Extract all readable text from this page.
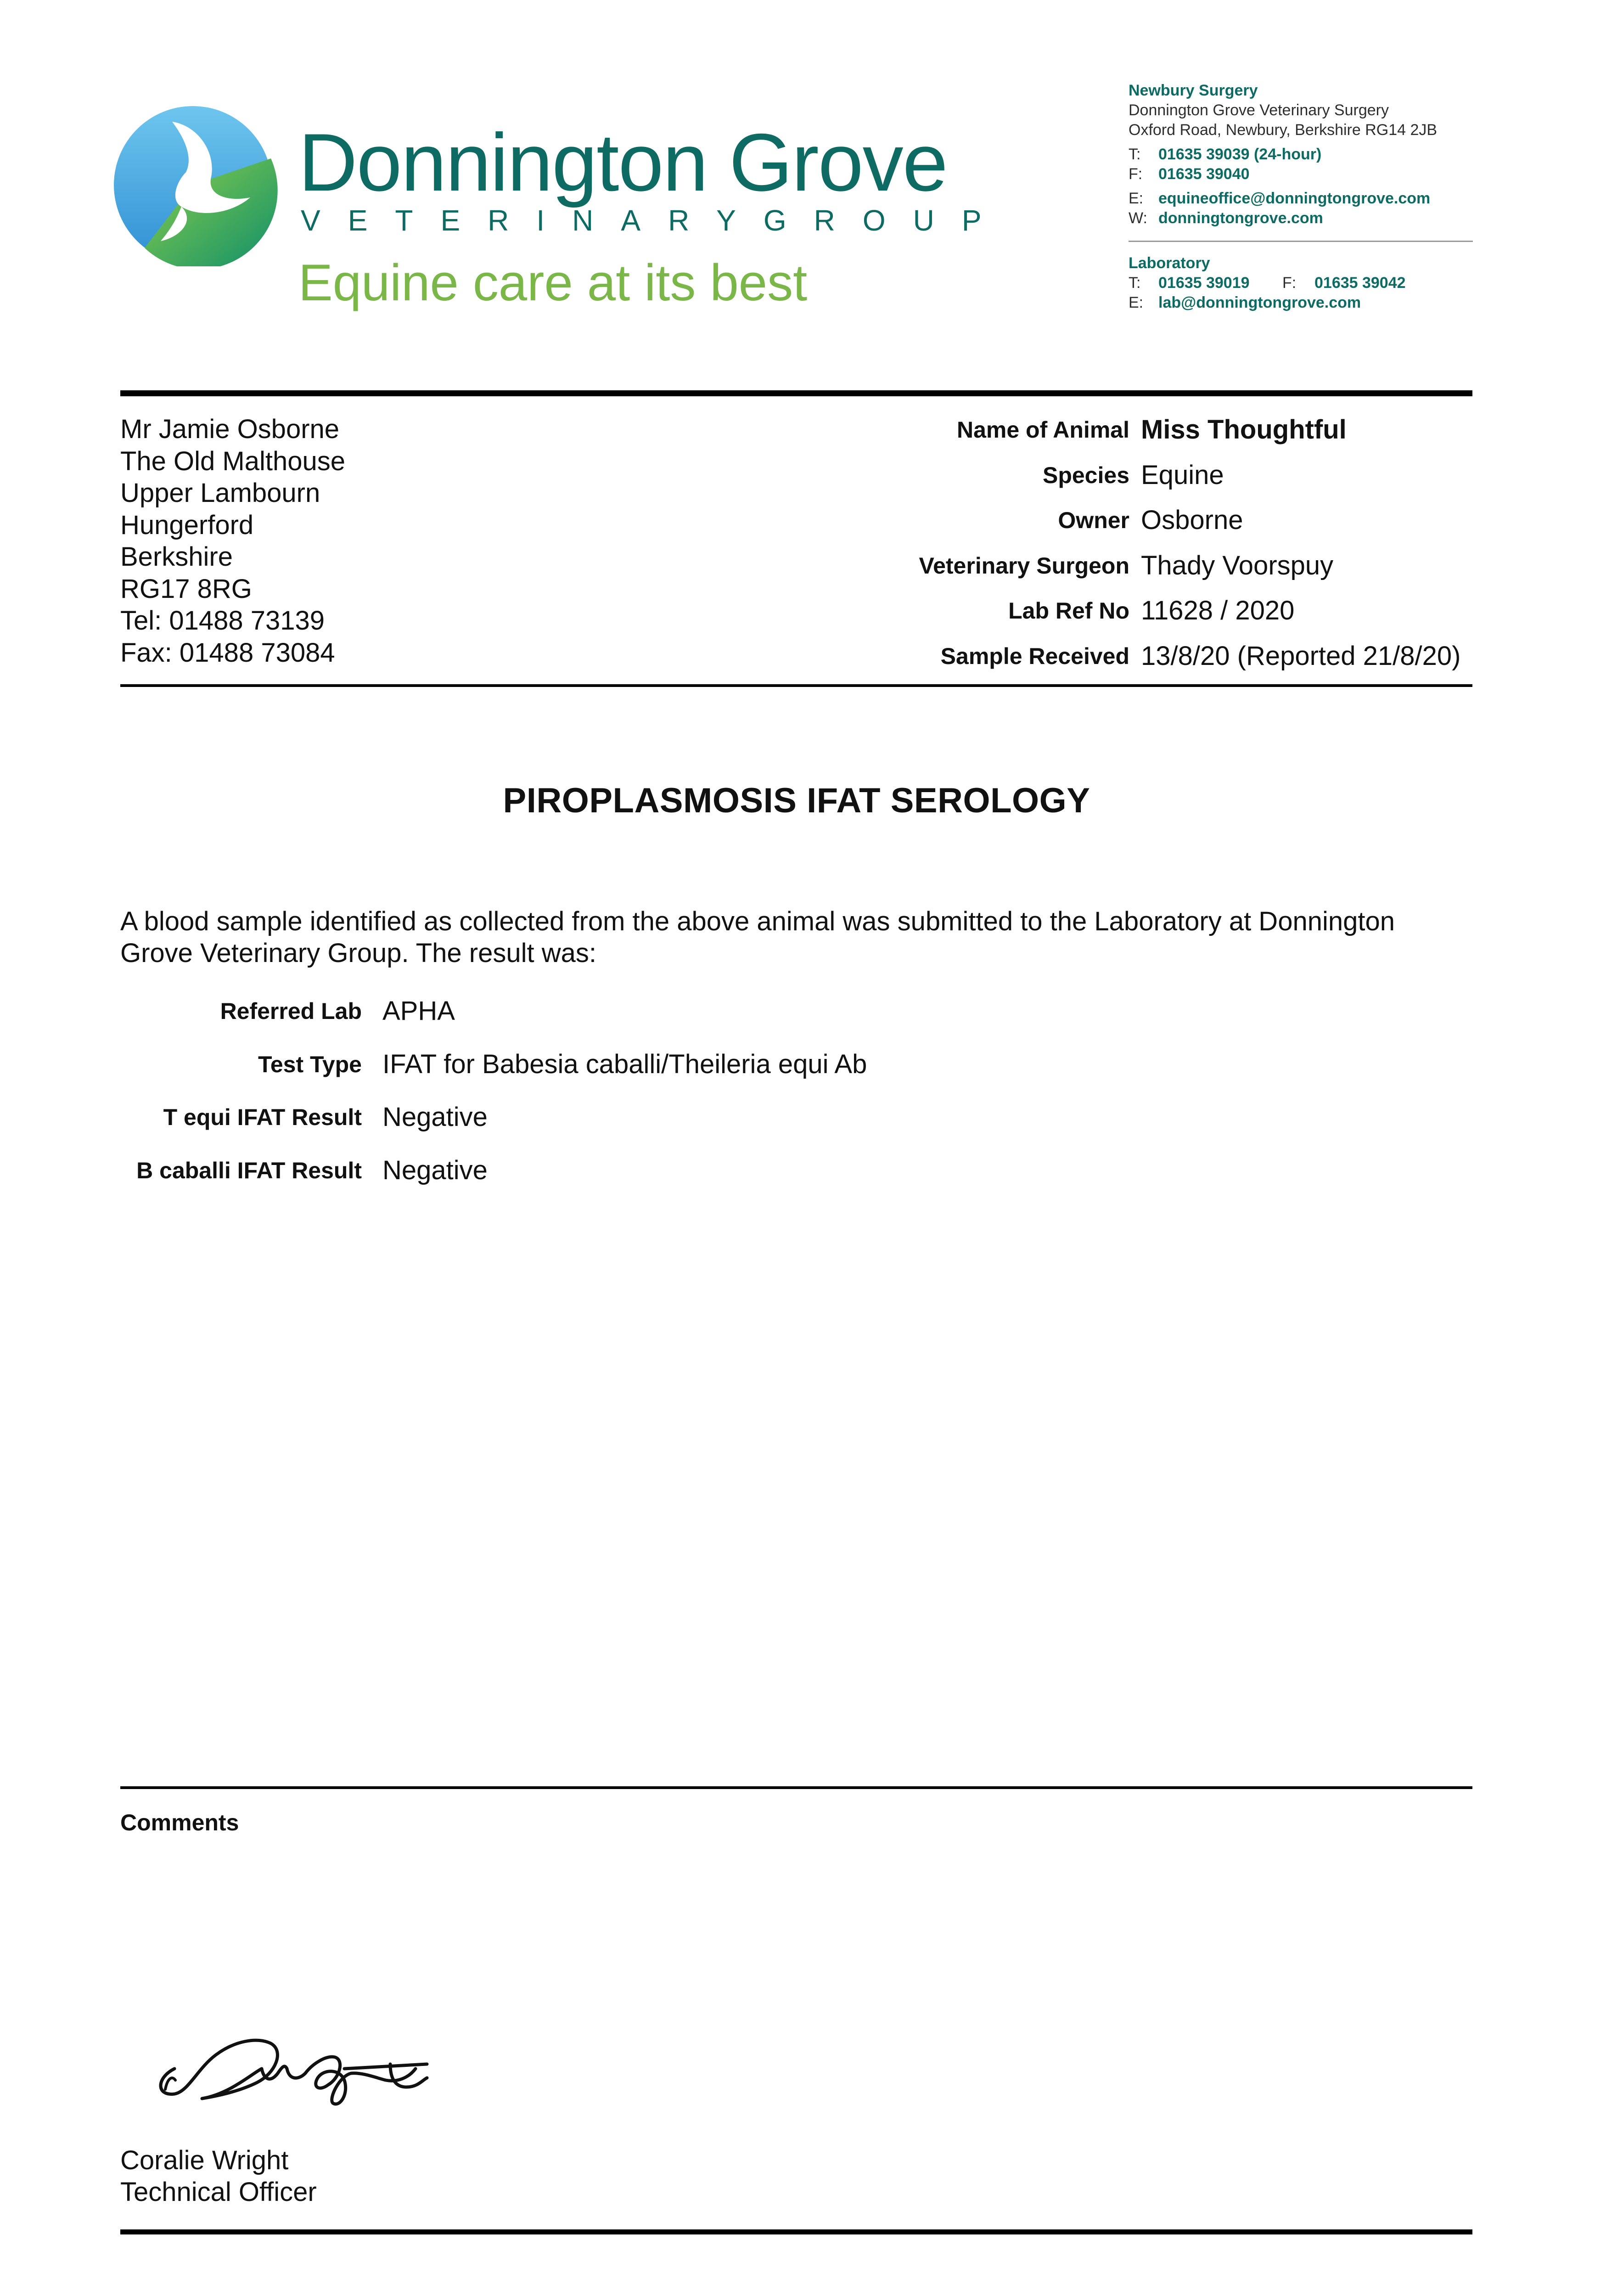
Donnington Grove
VETERINARY GROUP
Equine care at its best
Newbury Surgery
Donnington Grove Veterinary Surgery
Oxford Road, Newbury, Berkshire RG14 2JB
T:	01635 39039 (24-hour)
F:	01635 39040
E: equineoffice@donningtongrove.com
W: donningtongrove.com
Laboratory
T:	01635 39019	F:	01635 39042
E: lab@donningtongrove.com
Mr Jamie Osborne
The Old Malthouse
Upper Lambourn
Hungerford
Berkshire
RG17 8RG
Tel: 01488 73139
Fax: 01488 73084
Name of Animal Miss Thoughtful
Species Equine
Owner Osborne
Veterinary Surgeon Thady Voorspuy
Lab Ref No 11628 / 2020
Sample Received 13/8/20 (Reported 21/8/20)
PIROPLASMOSIS IFAT SEROLOGY
A blood sample identified as collected from the above animal was submitted to the Laboratory at Donnington Grove Veterinary Group. The result was:
Referred Lab APHA
Test Type IFAT for Babesia caballi/Theileria equi Ab
T equi IFAT Result Negative
B caballi IFAT Result Negative
Comments
Coralie Wright
Technical Officer
